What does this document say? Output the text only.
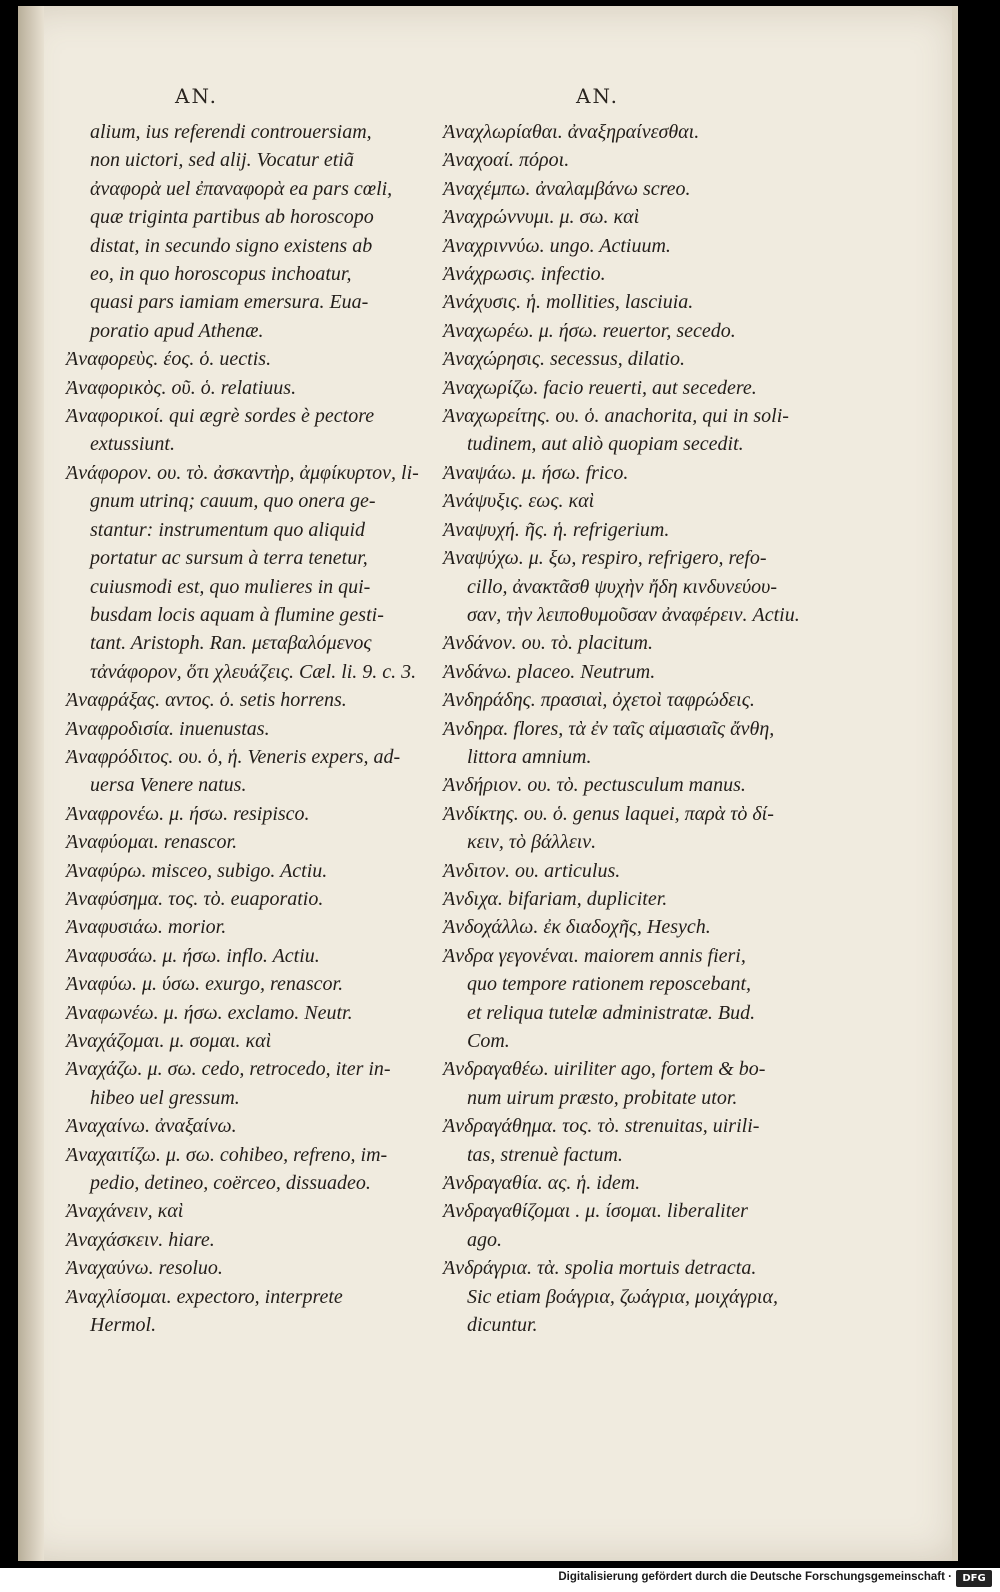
AN.	AN.
alium, ius referendi controuersiam,
non uictori, sed alij. Vocatur etiã
ἀναφορὰ uel ἐπαναφορὰ ea pars cœli,
quæ triginta partibus ab horoscopo
distat, in secundo signo existens ab
eo, in quo horoscopus inchoatur,
quasi pars iamiam emersura. Eua-
poratio apud Athenæ.
Ἀναφορεὺς. έος. ὁ. uectis.
Ἀναφορικὸς. οῦ. ὁ. relatiuus.
Ἀναφορικοί. qui ægrè sordes è pectore
extussiunt.
Ἀνάφορον. ου. τὸ. ἀσκαντὴρ, ἀμφίκυρτον, li-
gnum utrinq; cauum, quo onera ge-
stantur: instrumentum quo aliquid
portatur ac sursum à terra tenetur,
cuiusmodi est, quo mulieres in qui-
busdam locis aquam à flumine gesti-
tant. Aristoph. Ran. μεταβαλόμενος
τἀνάφορον, ὅτι χλευάζεις. Cæl. li. 9. c. 3.
Ἀναφράξας. αντος. ὁ. setis horrens.
Ἀναφροδισία. inuenustas.
Ἀναφρόδιτος. ου. ὁ, ἡ. Veneris expers, ad-
uersa Venere natus.
Ἀναφρονέω. μ. ήσω. resipisco.
Ἀναφύομαι. renascor.
Ἀναφύρω. misceo, subigo. Actiu.
Ἀναφύσημα. τος. τὸ. euaporatio.
Ἀναφυσιάω. morior.
Ἀναφυσάω. μ. ήσω. inflo. Actiu.
Ἀναφύω. μ. ύσω. exurgo, renascor.
Ἀναφωνέω. μ. ήσω. exclamo. Neutr.
Ἀναχάζομαι. μ. σομαι. καὶ
Ἀναχάζω. μ. σω. cedo, retrocedo, iter in-
hibeo uel gressum.
Ἀναχαίνω. ἀναξαίνω.
Ἀναχαιτίζω. μ. σω. cohibeo, refreno, im-
pedio, detineo, coërceo, dissuadeo.
Ἀναχάνειν, καὶ
Ἀναχάσκειν. hiare.
Ἀναχαύνω. resoluo.
Ἀναχλίσομαι. expectoro, interprete
Hermol.
Ἀναχλωρίαθαι. ἀναξηραίνεσθαι.
Ἀναχοαί. πόροι.
Ἀναχέμπω. ἀναλαμβάνω screo.
Ἀναχρώννυμι. μ. σω. καὶ
Ἀναχριννύω. ungo. Actiuum.
Ἀνάχρωσις. infectio.
Ἀνάχυσις. ἡ. mollities, lasciuia.
Ἀναχωρέω. μ. ήσω. reuertor, secedo.
Ἀναχώρησις. secessus, dilatio.
Ἀναχωρίζω. facio reuerti, aut secedere.
Ἀναχωρείτης. ου. ὁ. anachorita, qui in soli-
tudinem, aut aliò quopiam secedit.
Ἀναψάω. μ. ήσω. frico.
Ἀνάψυξις. εως. καὶ
Ἀναψυχή. ῆς. ἡ. refrigerium.
Ἀναψύχω. μ. ξω, respiro, refrigero, refo-
cillo, ἀνακτᾶσθ ψυχὴν ἤδη κινδυνεύου-
σαν, τὴν λειποθυμοῦσαν ἀναφέρειν. Actiu.
Ἀνδάνον. ου. τὸ. placitum.
Ἀνδάνω. placeo. Neutrum.
Ἀνδηράδης. πρασιαὶ, ὀχετοὶ ταφρώδεις.
Ἀνδηρα. flores, τὰ ἐν ταῖς αἱμασιαῖς ἄνθη,
littora amnium.
Ἀνδήριον. ου. τὸ. pectusculum manus.
Ἀνδίκτης. ου. ὁ. genus laquei, παρὰ τὸ δί-
κειν, τὸ βάλλειν.
Ἀνδιτον. ου. articulus.
Ἀνδιχα. bifariam, dupliciter.
Ἀνδοχάλλω. ἐκ διαδοχῆς, Hesych.
Ἀνδρα γεγονέναι. maiorem annis fieri,
quo tempore rationem reposcebant,
et reliqua tutelæ administratæ. Bud.
Com.
Ἀνδραγαθέω. uiriliter ago, fortem & bo-
num uirum præsto, probitate utor.
Ἀνδραγάθημα. τος. τὸ. strenuitas, uirili-
tas, strenuè factum.
Ἀνδραγαθία. ας. ἡ. idem.
Ἀνδραγαθίζομαι . μ. ίσομαι. liberaliter
ago.
Ἀνδράγρια. τὰ. spolia mortuis detracta.
Sic etiam βοάγρια, ζωάγρια, μοιχάγρια,
dicuntur.
Digitalisierung gefördert durch die Deutsche Forschungsgemeinschaft ·	DFG
